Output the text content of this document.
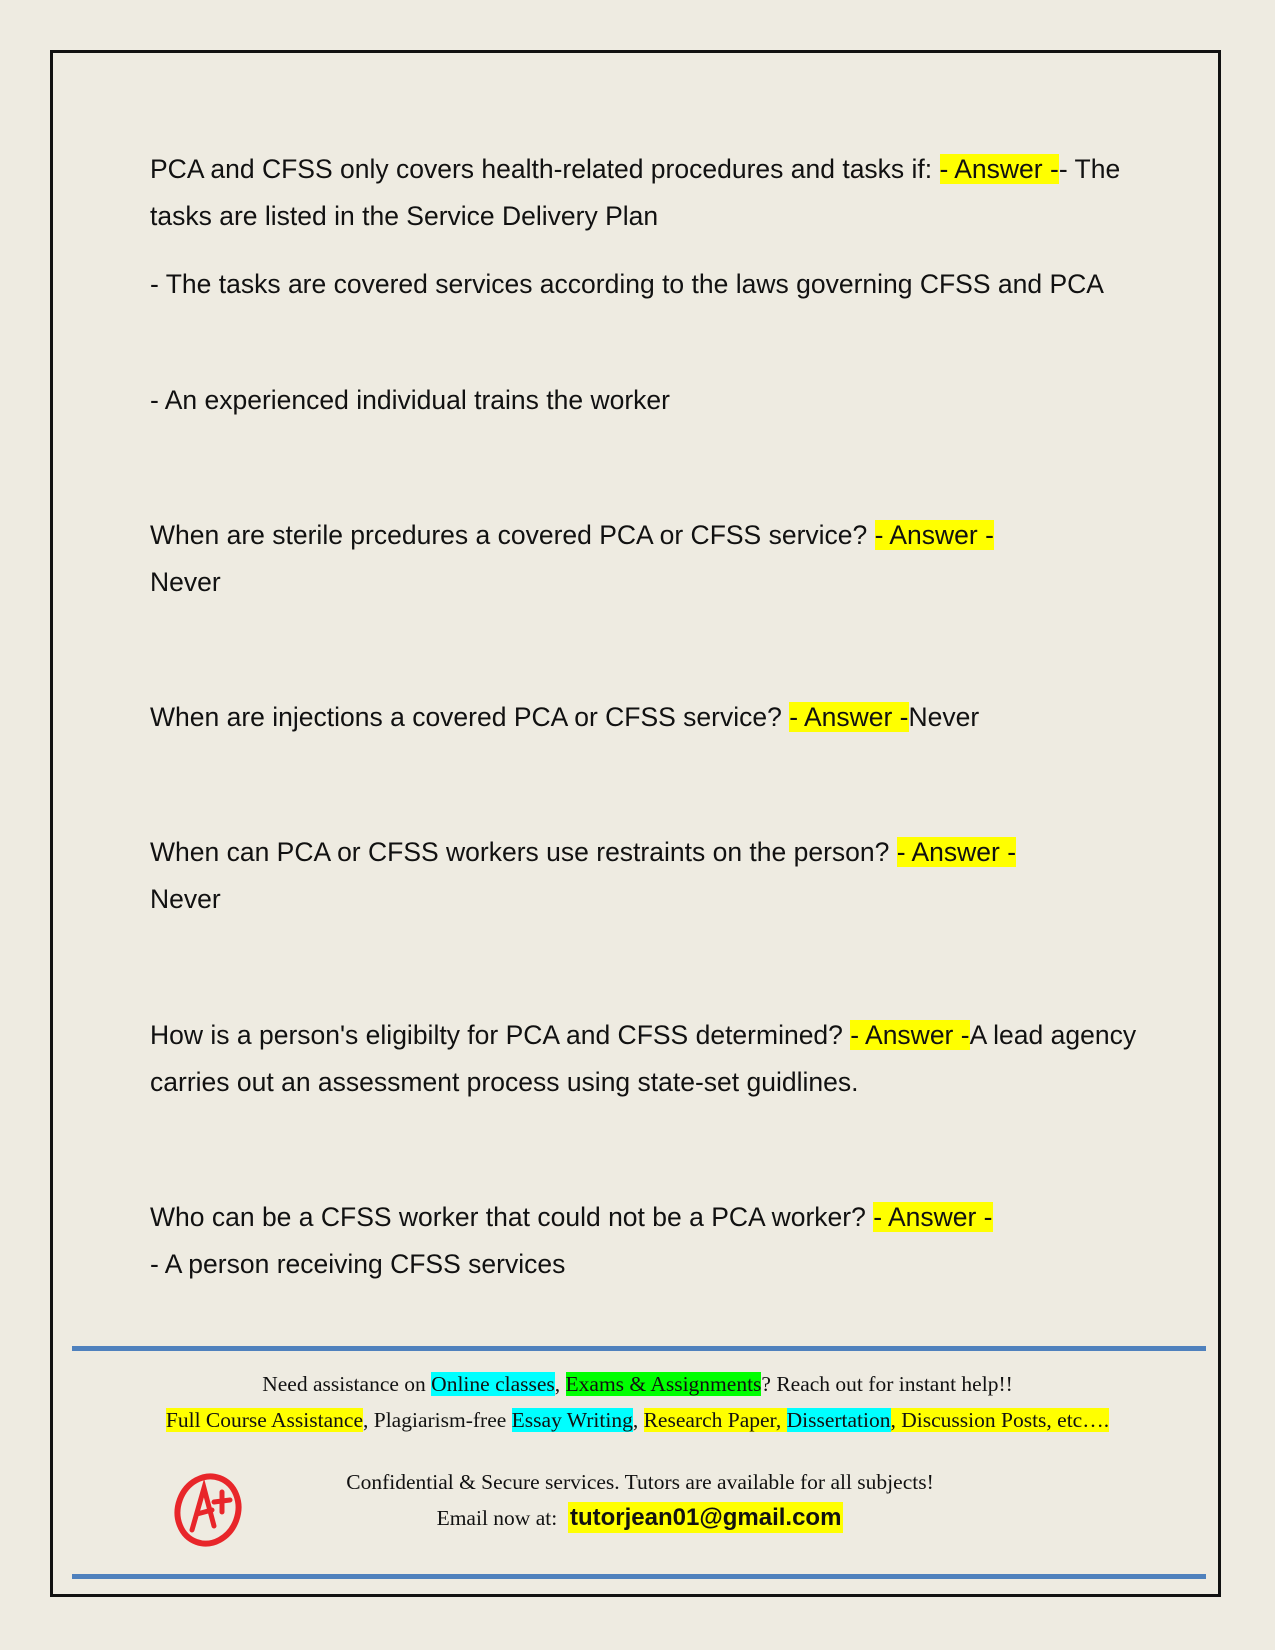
PCA and CFSS only covers health-related procedures and tasks if: - Answer -- The tasks are listed in the Service Delivery Plan
- The tasks are covered services according to the laws governing CFSS and PCA
- An experienced individual trains the worker
When are sterile prcedures a covered PCA or CFSS service? - Answer -
Never
When are injections a covered PCA or CFSS service? - Answer -Never
When can PCA or CFSS workers use restraints on the person? - Answer -
Never
How is a person's eligibilty for PCA and CFSS determined? - Answer -A lead agency carries out an assessment process using state-set guidlines.
Who can be a CFSS worker that could not be a PCA worker? - Answer -
- A person receiving CFSS services
Need assistance on Online classes, Exams & Assignments? Reach out for instant help!!
Full Course Assistance, Plagiarism-free Essay Writing, Research Paper, Dissertation, Discussion Posts, etc….
Confidential & Secure services. Tutors are available for all subjects!
Email now at: tutorjean01@gmail.com
